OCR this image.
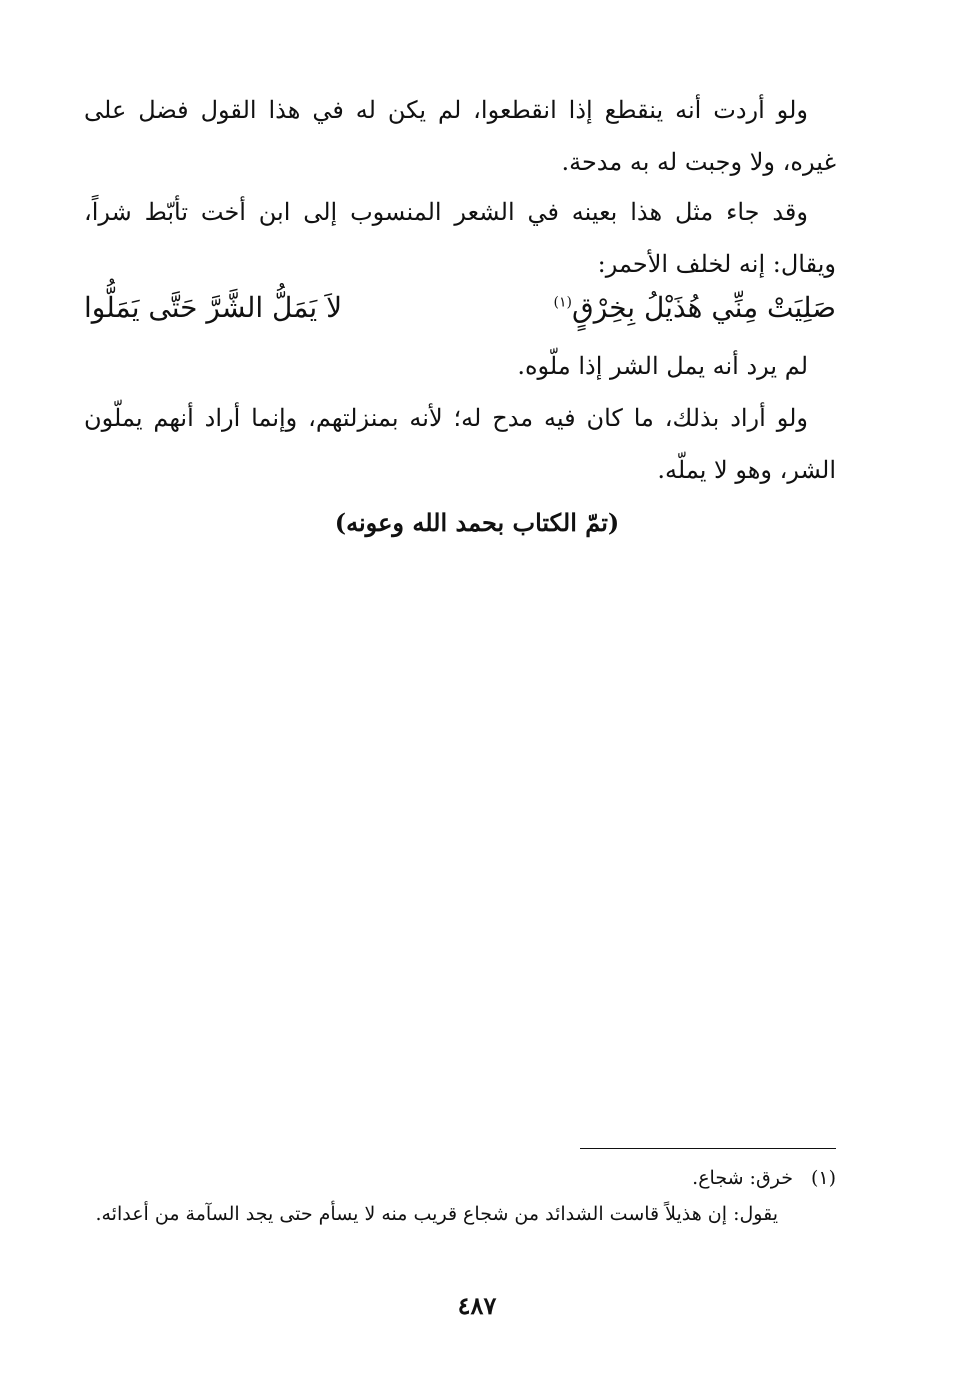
ولو أردت أنه ينقطع إذا انقطعوا، لم يكن له في هذا القول فضل على غيره، ولا وجبت له به مدحة.

وقد جاء مثل هذا بعينه في الشعر المنسوب إلى ابن أخت تأبّط شراً، ويقال: إنه لخلف الأحمر:

صَلِيَتْ مِنِّي هُذَيْلُ بِخِرْقٍ$^{(١)}$
لاَ يَمَلُّ الشَّرَّ حَتَّى يَمَلُّوا

لم يرد أنه يمل الشر إذا ملّوه.

ولو أراد بذلك، ما كان فيه مدح له؛ لأنه بمنزلتهم، وإنما أراد أنهم يملّون الشر، وهو لا يملّه.

(تمّ الكتاب بحمد الله وعونه)

(١)خرق: شجاع.

يقول: إن هذيلاً قاست الشدائد من شجاع قريب منه لا يسأم حتى يجد السآمة من أعدائه.

٤٨٧
